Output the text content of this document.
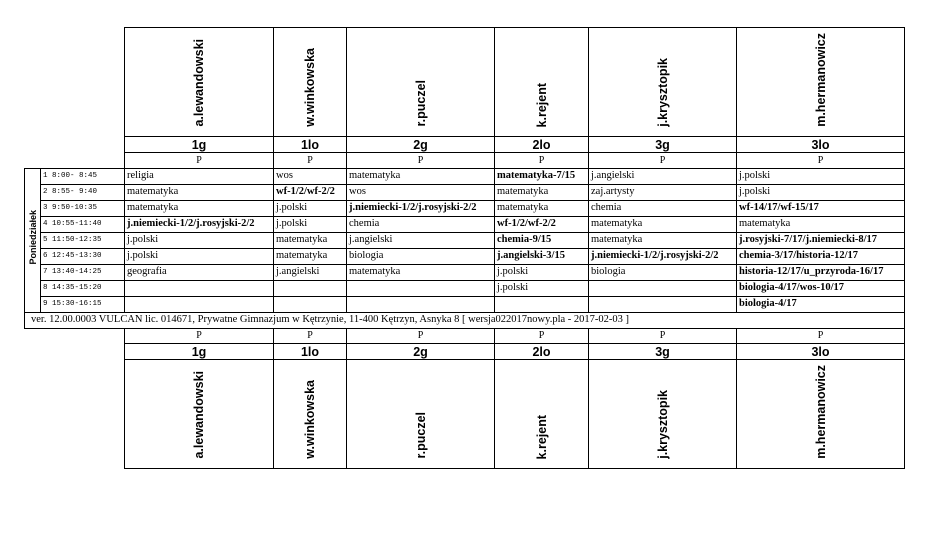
		a.lewandowski	w.winkowska	r.puczel	k.rejent	j.krysztopik	m.hermanowicz
		1g	1lo	2g	2lo	3g	3lo
		P	P	P	P	P	P
Poniedziałek	1 8:00- 8:45	religia	wos	matematyka	matematyka-7/15	j.angielski	j.polski
	2 8:55- 9:40	matematyka	wf-1/2/wf-2/2	wos	matematyka	zaj.artysty	j.polski
	3 9:50-10:35	matematyka	j.polski	j.niemiecki-1/2/j.rosyjski-2/2	matematyka	chemia	wf-14/17/wf-15/17
	4 10:55-11:40	j.niemiecki-1/2/j.rosyjski-2/2	j.polski	chemia	wf-1/2/wf-2/2	matematyka	matematyka
	5 11:50-12:35	j.polski	matematyka	j.angielski	chemia-9/15	matematyka	j.rosyjski-7/17/j.niemiecki-8/17
	6 12:45-13:30	j.polski	matematyka	biologia	j.angielski-3/15	j.niemiecki-1/2/j.rosyjski-2/2	chemia-3/17/historia-12/17
	7 13:40-14:25	geografia	j.angielski	matematyka	j.polski	biologia	historia-12/17/u_przyroda-16/17
	8 14:35-15:20				j.polski		biologia-4/17/wos-10/17
	9 15:30-16:15						biologia-4/17
ver. 12.00.0003 VULCAN lic. 014671, Prywatne Gimnazjum w Kętrzynie, 11-400 Kętrzyn, Asnyka 8 [ wersja022017nowy.pla - 2017-02-03 ]							
		P	P	P	P	P	P
		1g	1lo	2g	2lo	3g	3lo
		a.lewandowski	w.winkowska	r.puczel	k.rejent	j.krysztopik	m.hermanowicz
